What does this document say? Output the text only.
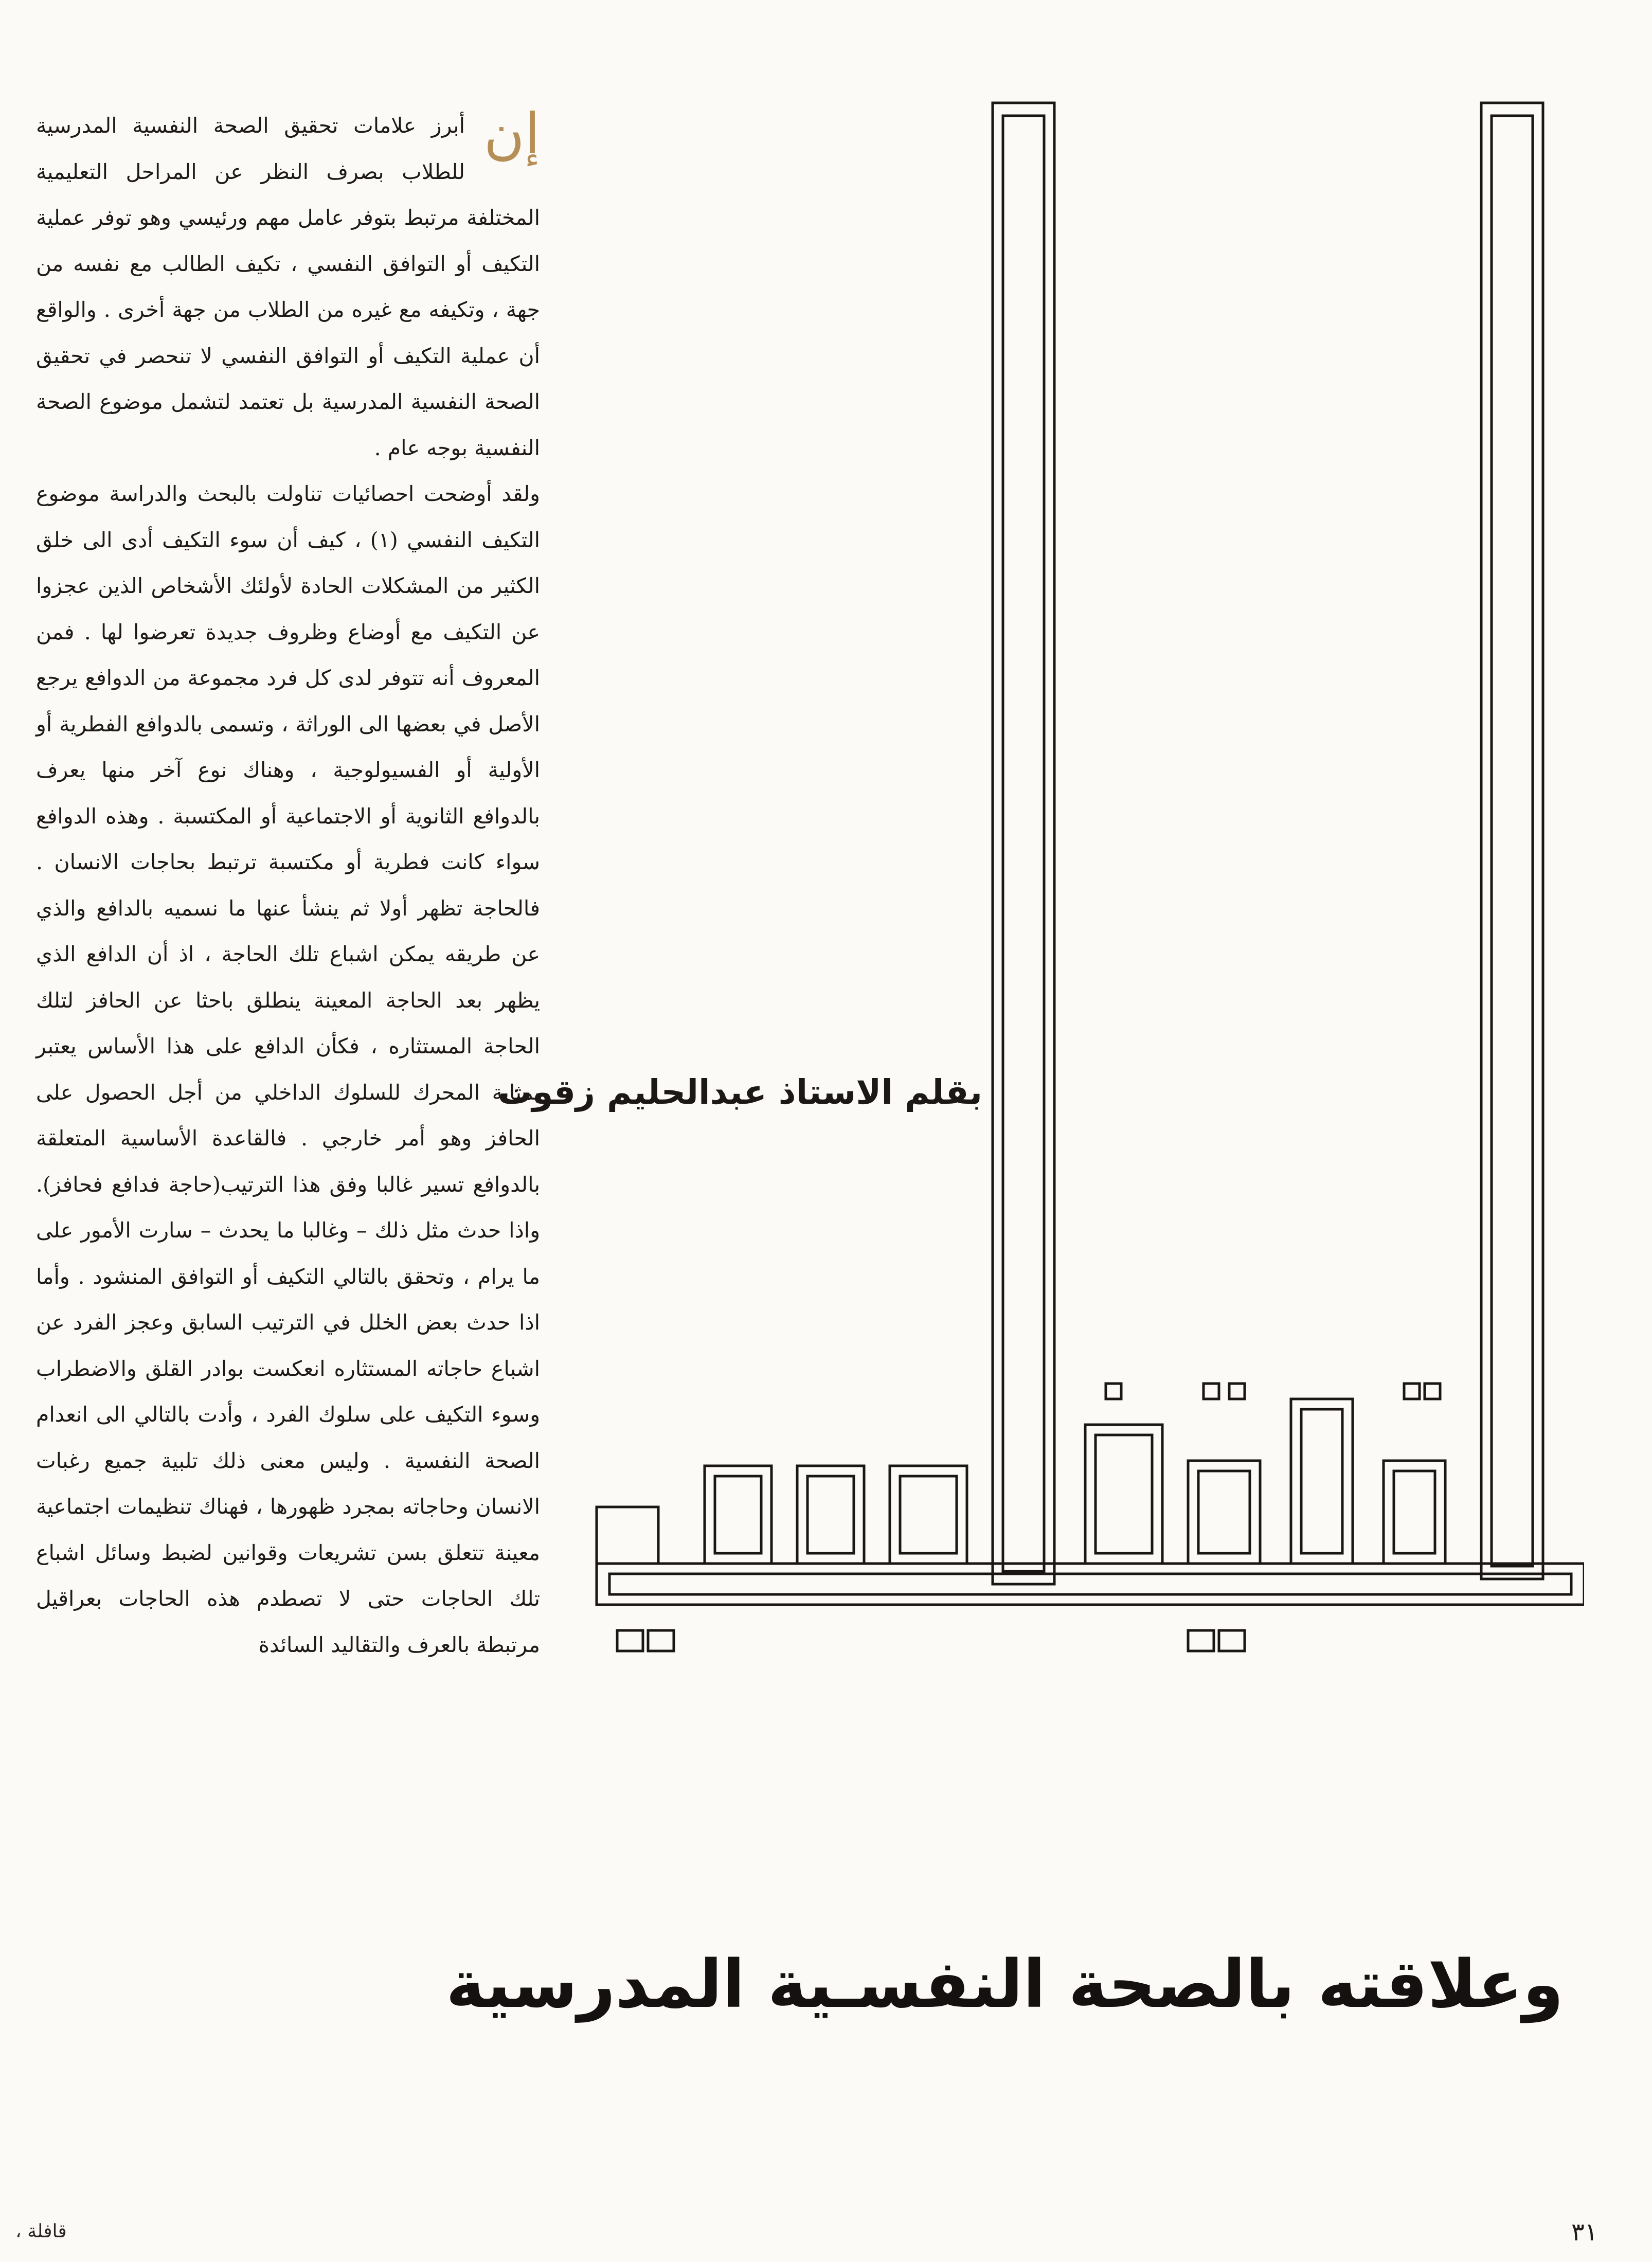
بقلم الاستاذ عبدالحليم زقوت
وعلاقته بالصحة النفسـية المدرسية

إن
أبرز علامات تحقيق الصحة النفسية المدرسية للطلاب بصرف النظر عن المراحل التعليمية المختلفة مرتبط بتوفر عامل مهم ورئيسي وهو توفر عملية التكيف أو التوافق النفسي ، تكيف الطالب مع نفسه من جهة ، وتكيفه مع غيره من الطلاب من جهة أخرى . والواقع أن عملية التكيف أو التوافق النفسي لا تنحصر في تحقيق الصحة النفسية المدرسية بل تعتمد لتشمل موضوع الصحة النفسية بوجه عام .

ولقد أوضحت احصائيات تناولت بالبحث والدراسة موضوع التكيف النفسي (١) ، كيف أن سوء التكيف أدى الى خلق الكثير من المشكلات الحادة لأولئك الأشخاص الذين عجزوا عن التكيف مع أوضاع وظروف جديدة تعرضوا لها . فمن المعروف أنه تتوفر لدى كل فرد مجموعة من الدوافع يرجع الأصل في بعضها الى الوراثة ، وتسمى بالدوافع الفطرية أو الأولية أو الفسيولوجية ، وهناك نوع آخر منها يعرف بالدوافع الثانوية أو الاجتماعية أو المكتسبة . وهذه الدوافع سواء كانت فطرية أو مكتسبة ترتبط بحاجات الانسان . فالحاجة تظهر أولا ثم ينشأ عنها ما نسميه بالدافع والذي عن طريقه يمكن اشباع تلك الحاجة ، اذ أن الدافع الذي يظهر بعد الحاجة المعينة ينطلق باحثا عن الحافز لتلك الحاجة المستثاره ، فكأن الدافع على هذا الأساس يعتبر بمثابة المحرك للسلوك الداخلي من أجل الحصول على الحافز وهو أمر خارجي . فالقاعدة الأساسية المتعلقة بالدوافع تسير غالبا وفق هذا الترتيب(حاجة فدافع فحافز). واذا حدث مثل ذلك – وغالبا ما يحدث – سارت الأمور على ما يرام ، وتحقق بالتالي التكيف أو التوافق المنشود . وأما اذا حدث بعض الخلل في الترتيب السابق وعجز الفرد عن اشباع حاجاته المستثاره انعكست بوادر القلق والاضطراب وسوء التكيف على سلوك الفرد ، وأدت بالتالي الى انعدام الصحة النفسية . وليس معنى ذلك تلبية جميع رغبات الانسان وحاجاته بمجرد ظهورها ، فهناك تنظيمات اجتماعية معينة تتعلق بسن تشريعات وقوانين لضبط وسائل اشباع تلك الحاجات حتى لا تصطدم هذه الحاجات بعراقيل مرتبطة بالعرف والتقاليد السائدة

٣١
قافلة ،
